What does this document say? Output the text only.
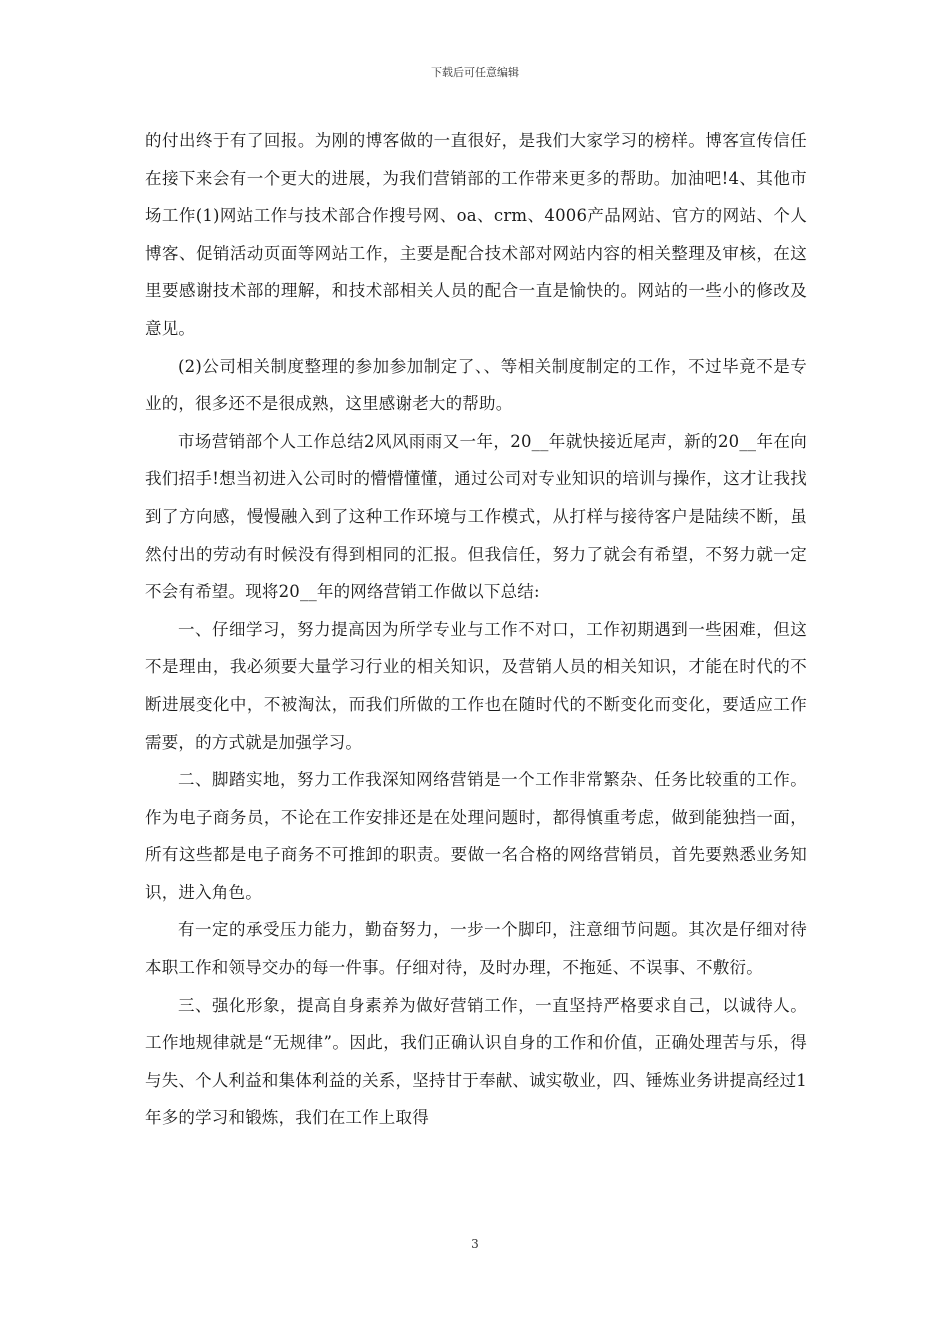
下载后可任意编辑

的付出终于有了回报。为刚的博客做的一直很好，是我们大家学习的榜样。博客宣传信任在接下来会有一个更大的进展，为我们营销部的工作带来更多的帮助。加油吧!4、其他市场工作(1)网站工作与技术部合作搜号网、oa、crm、4006产品网站、官方的网站、个人博客、促销活动页面等网站工作，主要是配合技术部对网站内容的相关整理及审核，在这里要感谢技术部的理解，和技术部相关人员的配合一直是愉快的。网站的一些小的修改及意见。

(2)公司相关制度整理的参加参加制定了、、等相关制度制定的工作，不过毕竟不是专业的，很多还不是很成熟，这里感谢老大的帮助。

市场营销部个人工作总结2风风雨雨又一年，20__年就快接近尾声，新的20__年在向我们招手!想当初进入公司时的懵懵懂懂，通过公司对专业知识的培训与操作，这才让我找到了方向感，慢慢融入到了这种工作环境与工作模式，从打样与接待客户是陆续不断，虽然付出的劳动有时候没有得到相同的汇报。但我信任，努力了就会有希望，不努力就一定不会有希望。现将20__年的网络营销工作做以下总结:

一、仔细学习，努力提高因为所学专业与工作不对口，工作初期遇到一些困难，但这不是理由，我必须要大量学习行业的相关知识，及营销人员的相关知识，才能在时代的不断进展变化中，不被淘汰，而我们所做的工作也在随时代的不断变化而变化，要适应工作需要，的方式就是加强学习。

二、脚踏实地，努力工作我深知网络营销是一个工作非常繁杂、任务比较重的工作。作为电子商务员，不论在工作安排还是在处理问题时，都得慎重考虑，做到能独挡一面，所有这些都是电子商务不可推卸的职责。要做一名合格的网络营销员，首先要熟悉业务知识，进入角色。

有一定的承受压力能力，勤奋努力，一步一个脚印，注意细节问题。其次是仔细对待本职工作和领导交办的每一件事。仔细对待，及时办理，不拖延、不误事、不敷衍。

三、强化形象，提高自身素养为做好营销工作，一直坚持严格要求自己，以诚待人。工作地规律就是“无规律”。因此，我们正确认识自身的工作和价值，正确处理苦与乐，得与失、个人利益和集体利益的关系，坚持甘于奉献、诚实敬业，四、锤炼业务讲提高经过1年多的学习和锻炼，我们在工作上取得

3
